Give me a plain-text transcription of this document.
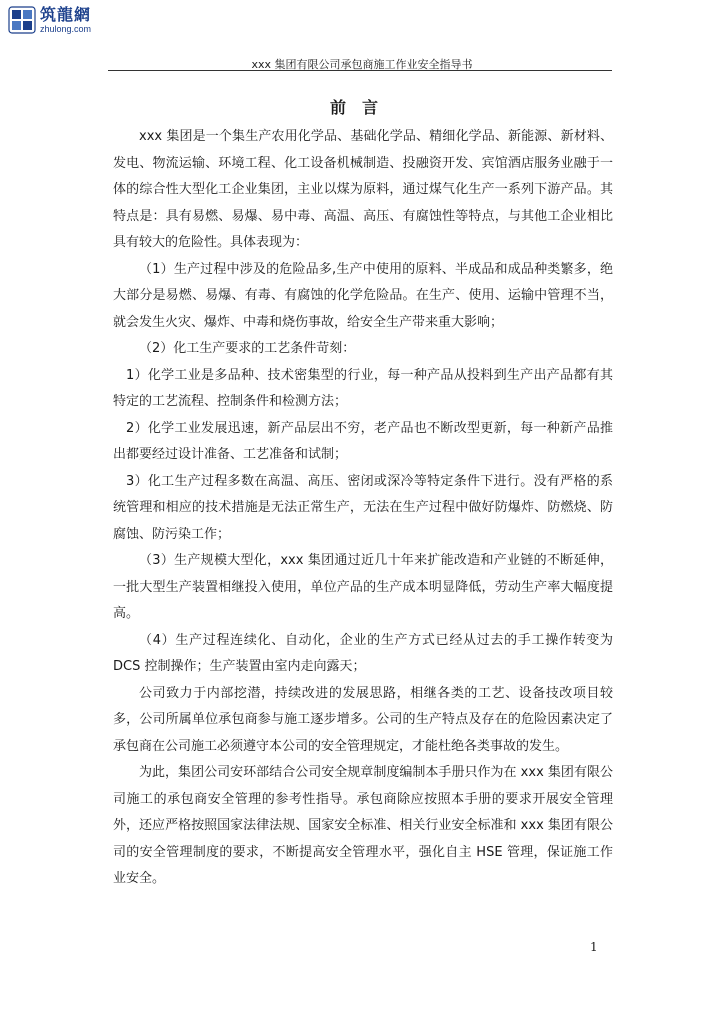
筑龍網
zhulong.com
xxx 集团有限公司承包商施工作业安全指导书
前言

xxx 集团是一个集生产农用化学品、基础化学品、精细化学品、新能源、新材料、发电、物流运输、环境工程、化工设备机械制造、投融资开发、宾馆酒店服务业融于一体的综合性大型化工企业集团，主业以煤为原料，通过煤气化生产一系列下游产品。其特点是：具有易燃、易爆、易中毒、高温、高压、有腐蚀性等特点，与其他工企业相比具有较大的危险性。具体表现为：

（1）生产过程中涉及的危险品多,生产中使用的原料、半成品和成品种类繁多，绝大部分是易燃、易爆、有毒、有腐蚀的化学危险品。在生产、使用、运输中管理不当，就会发生火灾、爆炸、中毒和烧伤事故，给安全生产带来重大影响；

（2）化工生产要求的工艺条件苛刻：

1）化学工业是多品种、技术密集型的行业，每一种产品从投料到生产出产品都有其特定的工艺流程、控制条件和检测方法；

2）化学工业发展迅速，新产品层出不穷，老产品也不断改型更新，每一种新产品推出都要经过设计准备、工艺准备和试制；

3）化工生产过程多数在高温、高压、密闭或深冷等特定条件下进行。没有严格的系统管理和相应的技术措施是无法正常生产，无法在生产过程中做好防爆炸、防燃烧、防腐蚀、防污染工作；

（3）生产规模大型化，xxx 集团通过近几十年来扩能改造和产业链的不断延伸，一批大型生产装置相继投入使用，单位产品的生产成本明显降低，劳动生产率大幅度提高。

（4）生产过程连续化、自动化，企业的生产方式已经从过去的手工操作转变为 DCS 控制操作；生产装置由室内走向露天；

公司致力于内部挖潜，持续改进的发展思路，相继各类的工艺、设备技改项目较多，公司所属单位承包商参与施工逐步增多。公司的生产特点及存在的危险因素决定了承包商在公司施工必须遵守本公司的安全管理规定，才能杜绝各类事故的发生。

为此，集团公司安环部结合公司安全规章制度编制本手册只作为在 xxx 集团有限公司施工的承包商安全管理的参考性指导。承包商除应按照本手册的要求开展安全管理外，还应严格按照国家法律法规、国家安全标准、相关行业安全标准和 xxx 集团有限公司的安全管理制度的要求，不断提高安全管理水平，强化自主 HSE 管理，保证施工作业安全。

1
